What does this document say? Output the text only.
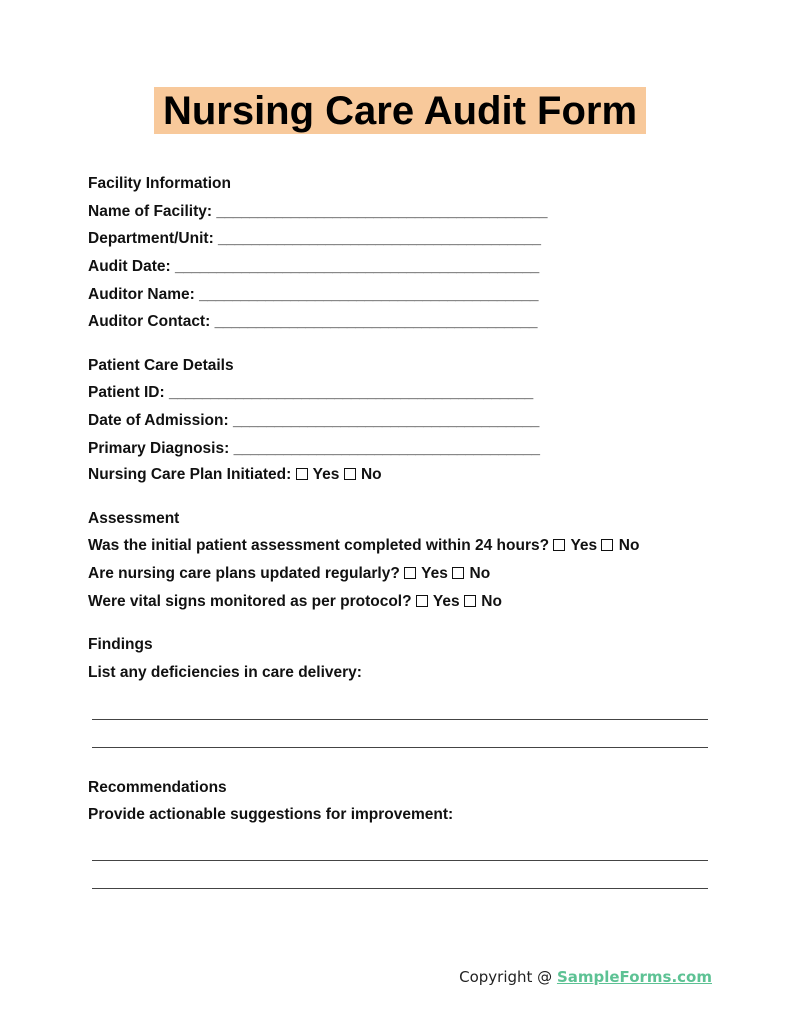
Nursing Care Audit Form
Facility Information
Name of Facility: ________________________________________
Department/Unit: _______________________________________
Audit Date: ____________________________________________
Auditor Name: _________________________________________
Auditor Contact: _______________________________________
Patient Care Details
Patient ID: ____________________________________________
Date of Admission: _____________________________________
Primary Diagnosis: _____________________________________
Nursing Care Plan Initiated: Yes No
Assessment
Was the initial patient assessment completed within 24 hours? Yes No
Are nursing care plans updated regularly? Yes No
Were vital signs monitored as per protocol? Yes No
Findings
List any deficiencies in care delivery:
Recommendations
Provide actionable suggestions for improvement:
Copyright @ SampleForms.com
